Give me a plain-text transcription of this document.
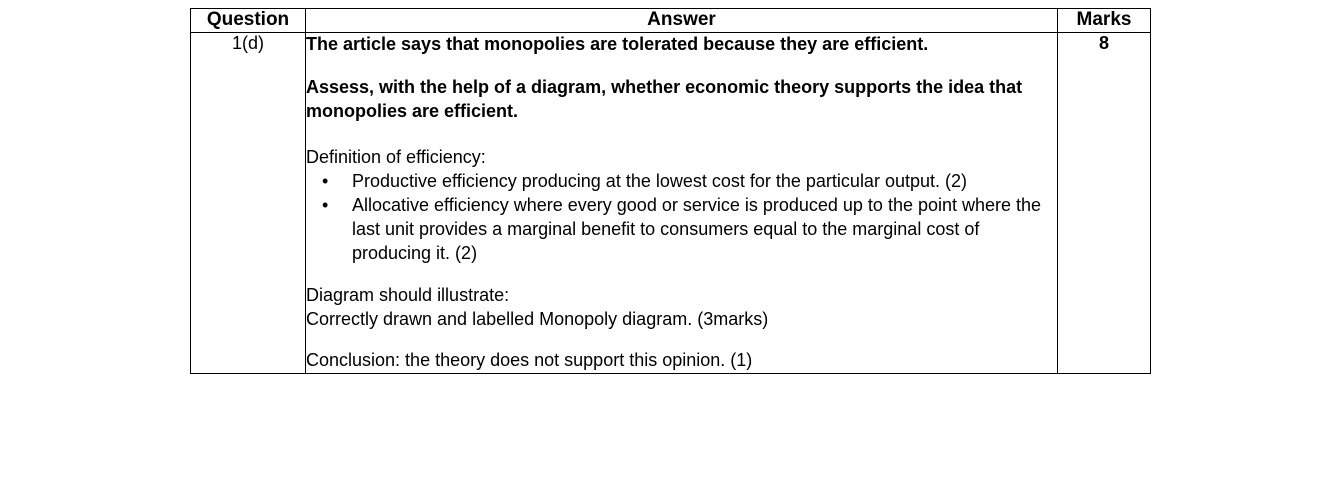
Question	Answer	Marks
1(d)	The article says that monopolies are tolerated because they are efficient.

Assess, with the help of a diagram, whether economic theory supports the idea that monopolies are efficient.

Definition of efficiency:

• Productive efficiency producing at the lowest cost for the particular output. (2)
• Allocative efficiency where every good or service is produced up to the point where the last unit provides a marginal benefit to consumers equal to the marginal cost of producing it. (2)

Diagram should illustrate:

Correctly drawn and labelled Monopoly diagram. (3marks)

Conclusion: the theory does not support this opinion. (1)

	8
